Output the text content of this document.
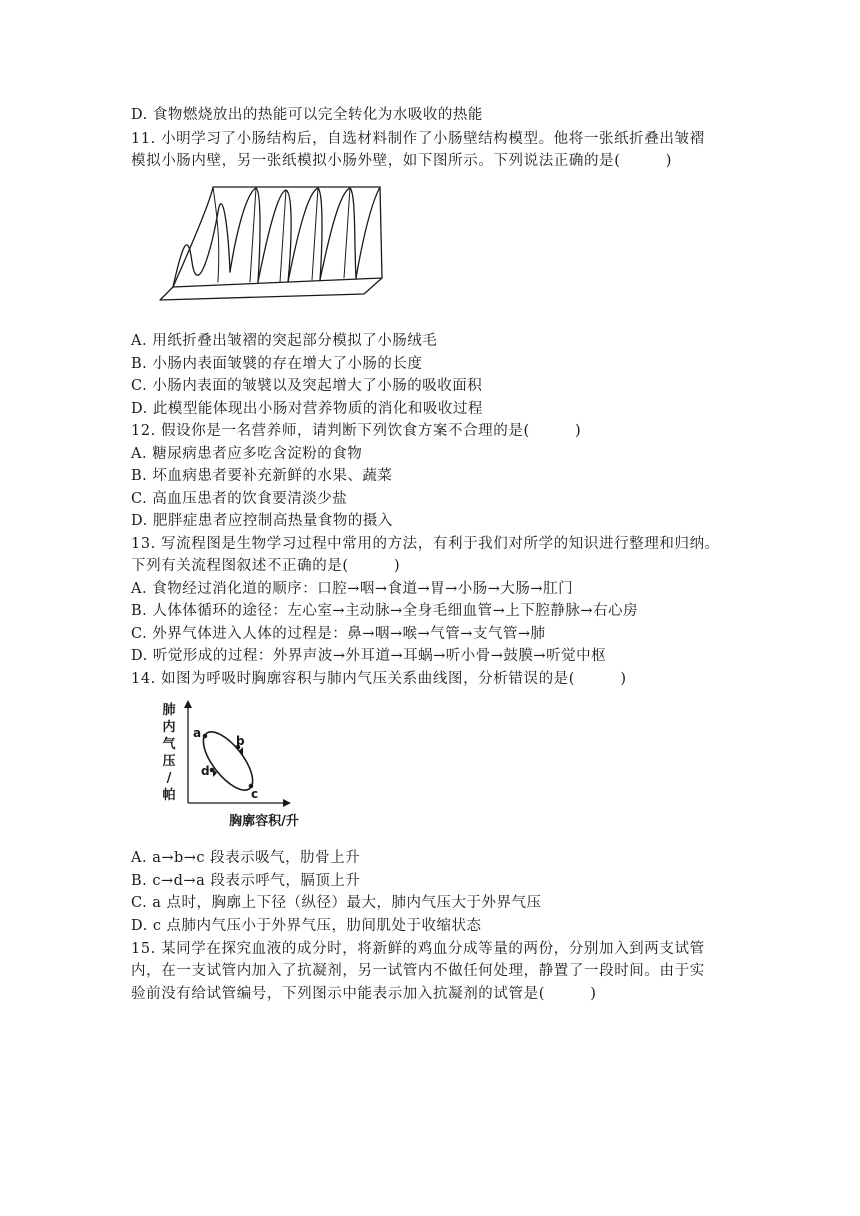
D. 食物燃烧放出的热能可以完全转化为水吸收的热能
11. 小明学习了小肠结构后，自选材料制作了小肠壁结构模型。他将一张纸折叠出皱褶
模拟小肠内壁，另一张纸模拟小肠外壁，如下图所示。下列说法正确的是(　　　)
A. 用纸折叠出皱褶的突起部分模拟了小肠绒毛
B. 小肠内表面皱襞的存在增大了小肠的长度
C. 小肠内表面的皱襞以及突起增大了小肠的吸收面积
D. 此模型能体现出小肠对营养物质的消化和吸收过程
12. 假设你是一名营养师，请判断下列饮食方案不合理的是(　　　)
A. 糖尿病患者应多吃含淀粉的食物
B. 坏血病患者要补充新鲜的水果、蔬菜
C. 高血压患者的饮食要清淡少盐
D. 肥胖症患者应控制高热量食物的摄入
13. 写流程图是生物学习过程中常用的方法，有利于我们对所学的知识进行整理和归纳。
下列有关流程图叙述不正确的是(　　　)
A. 食物经过消化道的顺序：口腔→咽→食道→胃→小肠→大肠→肛门
B. 人体体循环的途径：左心室→主动脉→全身毛细血管→上下腔静脉→右心房
C. 外界气体进入人体的过程是：鼻→咽→喉→气管→支气管→肺
D. 听觉形成的过程：外界声波→外耳道→耳蜗→听小骨→鼓膜→听觉中枢
14. 如图为呼吸时胸廓容积与肺内气压关系曲线图，分析错误的是(　　　)
肺
内
气
压
/
帕
胸廓容积/升
a
b
c
d
A. a→b→c 段表示吸气，肋骨上升
B. c→d→a 段表示呼气，膈顶上升
C. a 点时，胸廓上下径（纵径）最大，肺内气压大于外界气压
D. c 点肺内气压小于外界气压，肋间肌处于收缩状态
15. 某同学在探究血液的成分时，将新鲜的鸡血分成等量的两份，分别加入到两支试管
内，在一支试管内加入了抗凝剂，另一试管内不做任何处理，静置了一段时间。由于实
验前没有给试管编号，下列图示中能表示加入抗凝剂的试管是(　　　)
